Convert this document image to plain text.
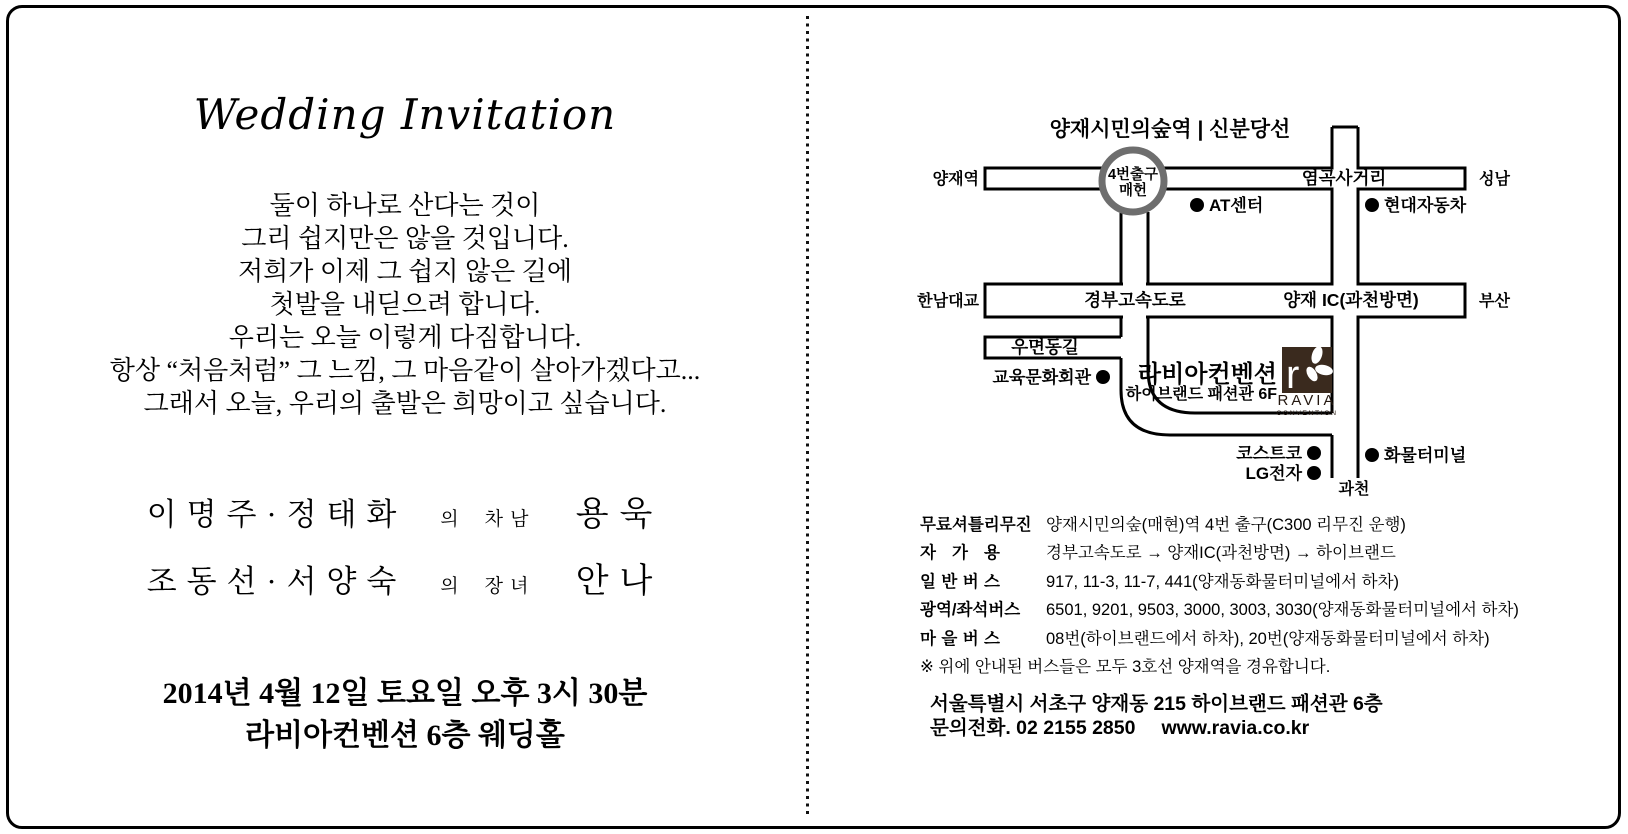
Wedding Invitation
둘이 하나로 산다는 것이
그리 쉽지만은 않을 것입니다.
저희가 이제 그 쉽지 않은 길에
첫발을 내딛으려 합니다.
우리는 오늘 이렇게 다짐합니다.
항상 “처음처럼” 그 느낌, 그 마음같이 살아가겠다고...
그래서 오늘, 우리의 출발은 희망이고 싶습니다.
이명주·정태화 의 차남 용욱
조동선·서양숙 의 장녀 안나
2014년 4월 12일 토요일 오후 3시 30분
라비아컨벤션 6층 웨딩홀
양재시민의숲역 | 신분당선
4번출구
매헌
양재역	성남
염곡사거리
한남대교	부산
경부고속도로	양재 IC(과천방면)
우면동길
과천
AT센터	현대자동차
교육문화회관
코스트코
LG전자
화물터미널
라비아컨벤션
하이브랜드 패션관 6F r
RAVIA
CONVENTION
무료셔틀리무진 양재시민의숲(매현)역 4번 출구(C300 리무진 운행)
자 가 용	경부고속도로 → 양재IC(과천방면) → 하이브랜드
일 반 버 스	917, 11-3, 11-7, 441(양재동화물터미널에서 하차)
광역/좌석버스 6501, 9201, 9503, 3000, 3003, 3030(양재동화물터미널에서 하차)
마 을 버 스	08번(하이브랜드에서 하차), 20번(양재동화물터미널에서 하차)
※ 위에 안내된 버스들은 모두 3호선 양재역을 경유합니다.
서울특별시 서초구 양재동 215 하이브랜드 패션관 6층
문의전화. 02 2155 2850 www.ravia.co.kr
